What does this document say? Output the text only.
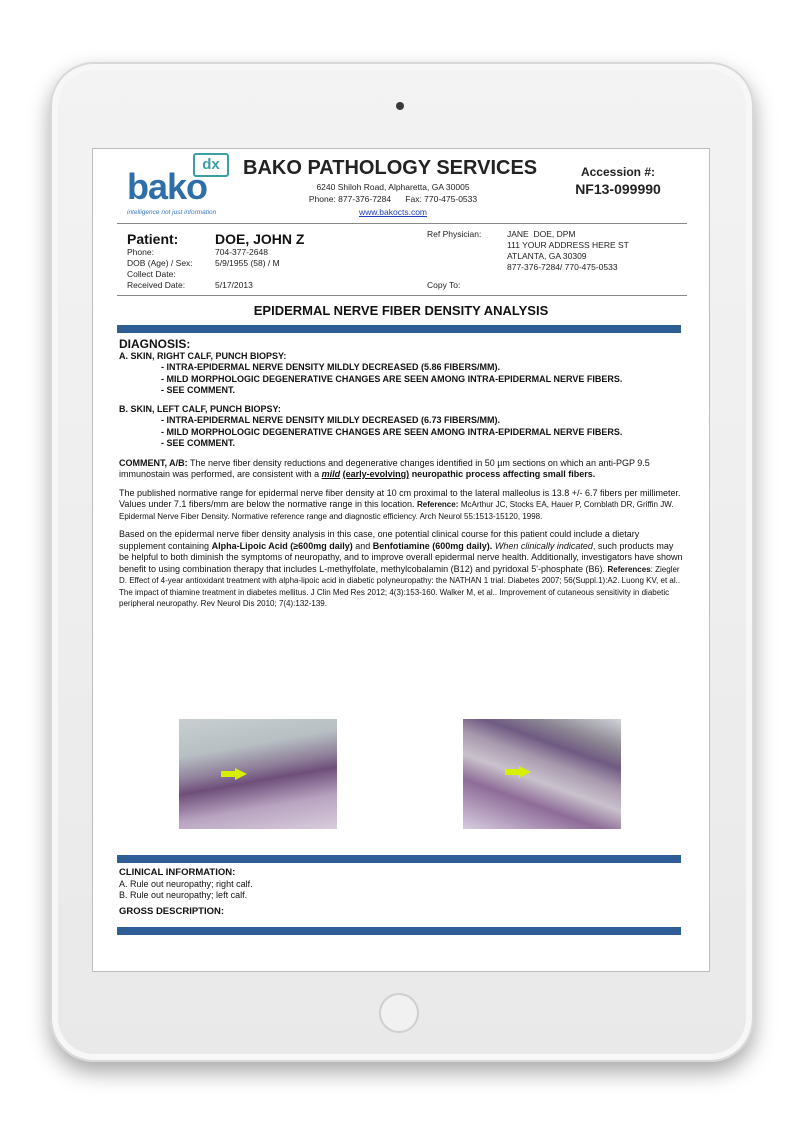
dx
bako
intelligence not just information
BAKO PATHOLOGY SERVICES
6240 Shiloh Road, Alpharetta, GA 30005
Phone: 877-376-7284      Fax: 770-475-0533
www.bakocts.com
Accession #:
NF13-099990
Patient:	DOE, JOHN Z
Phone:
DOB (Age) / Sex:
Collect Date:
Received Date:
704-377-2648
5/9/1955 (58) / M
5/17/2013
Ref Physician:	JANE  DOE, DPM
111 YOUR ADDRESS HERE ST
ATLANTA, GA 30309
877-376-7284/ 770-475-0533
Copy To:
EPIDERMAL NERVE FIBER DENSITY ANALYSIS
DIAGNOSIS:
A. SKIN, RIGHT CALF, PUNCH BIOPSY:
- INTRA-EPIDERMAL NERVE DENSITY MILDLY DECREASED (5.86 FIBERS/MM).
- MILD MORPHOLOGIC DEGENERATIVE CHANGES ARE SEEN AMONG INTRA-EPIDERMAL NERVE FIBERS.
- SEE COMMENT.
B. SKIN, LEFT CALF, PUNCH BIOPSY:
- INTRA-EPIDERMAL NERVE DENSITY MILDLY DECREASED (6.73 FIBERS/MM).
- MILD MORPHOLOGIC DEGENERATIVE CHANGES ARE SEEN AMONG INTRA-EPIDERMAL NERVE FIBERS.
- SEE COMMENT.
COMMENT, A/B: The nerve fiber density reductions and degenerative changes identified in 50 µm sections on which an anti-PGP 9.5 immunostain was performed, are consistent with a mild (early-evolving) neuropathic process affecting small fibers.
The published normative range for epidermal nerve fiber density at 10 cm proximal to the lateral malleolus is 13.8 +/- 6.7 fibers per millimeter. Values under 7.1 fibers/mm are below the normative range in this location. Reference: McArthur JC, Stocks EA, Hauer P, Cornblath DR, Griffin JW. Epidermal Nerve Fiber Density. Normative reference range and diagnostic efficiency. Arch Neurol 55:1513-15120, 1998.
Based on the epidermal nerve fiber density analysis in this case, one potential clinical course for this patient could include a dietary supplement containing Alpha-Lipoic Acid (≥600mg daily) and Benfotiamine (600mg daily). When clinically indicated, such products may be helpful to both diminish the symptoms of neuropathy, and to improve overall epidermal nerve health. Additionally, investigators have shown benefit to using combination therapy that includes L-methylfolate, methylcobalamin (B12) and pyridoxal 5'-phosphate (B6). References: Ziegler D. Effect of 4-year antioxidant treatment with alpha-lipoic acid in diabetic polyneuropathy: the NATHAN 1 trial. Diabetes 2007; 56(Suppl.1):A2. Luong KV, et al.. The impact of thiamine treatment in diabetes mellitus. J Clin Med Res 2012; 4(3):153-160. Walker M, et al.. Improvement of cutaneous sensitivity in diabetic peripheral neuropathy. Rev Neurol Dis 2010; 7(4):132-139.
CLINICAL INFORMATION:
A. Rule out neuropathy; right calf.
B. Rule out neuropathy; left calf.
GROSS DESCRIPTION:
